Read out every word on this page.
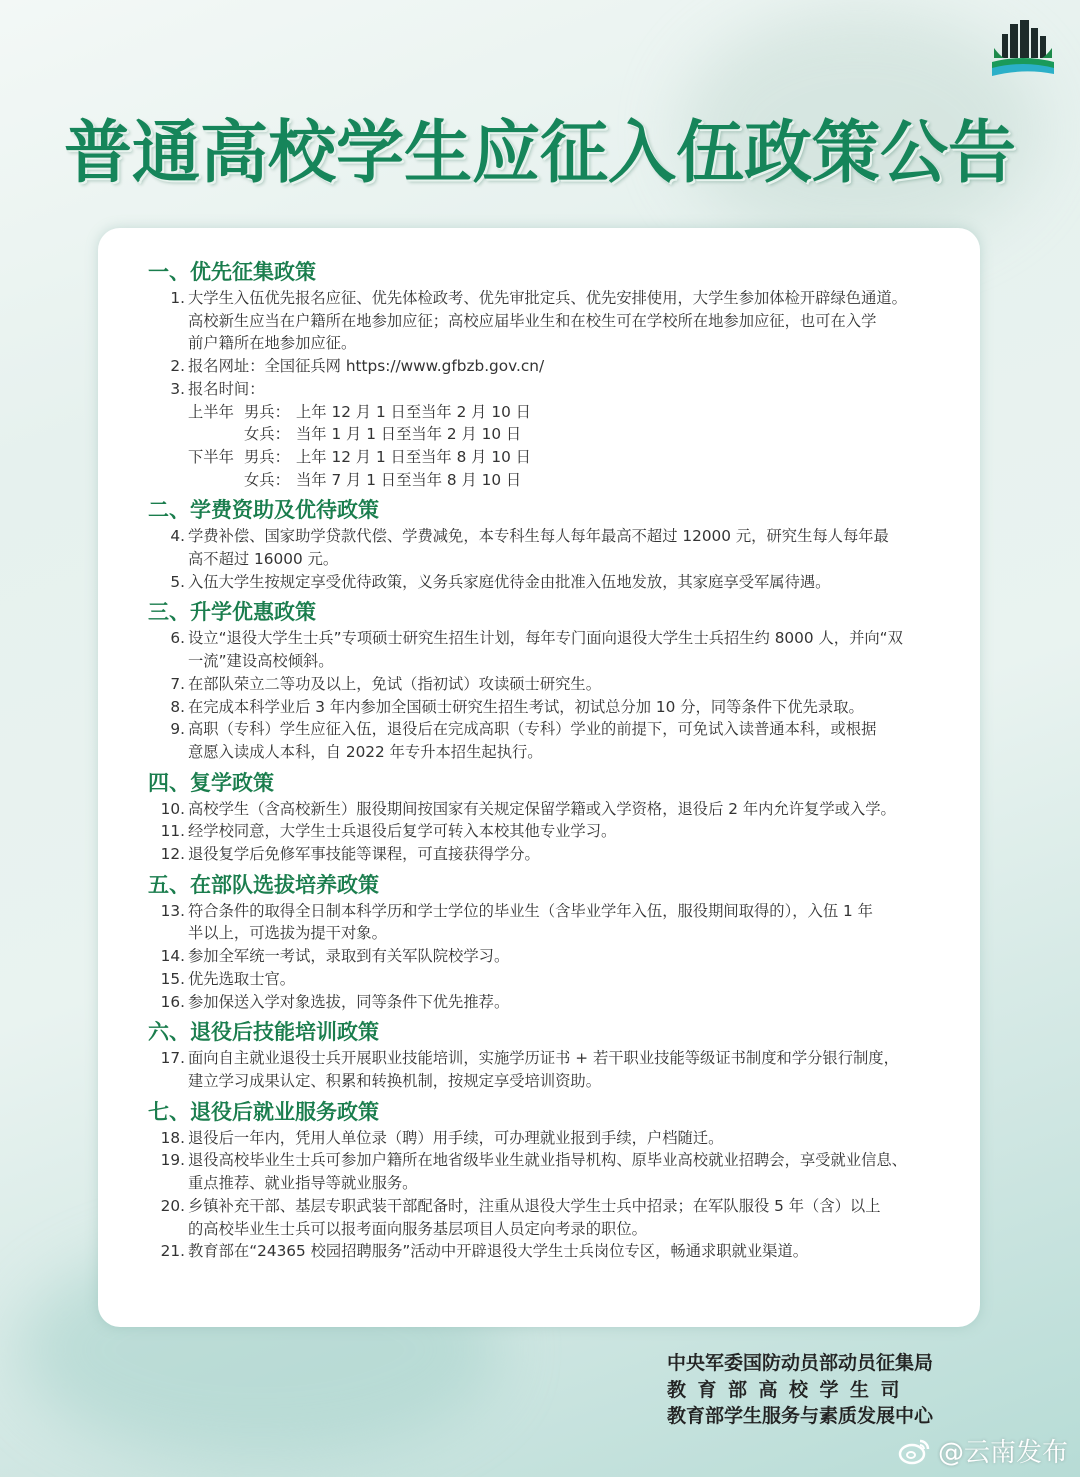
普通高校学生应征入伍政策公告
一、优先征集政策
1. 大学生入伍优先报名应征、优先体检政考、优先审批定兵、优先安排使用，大学生参加体检开辟绿色通道。
高校新生应当在户籍所在地参加应征；高校应届毕业生和在校生可在学校所在地参加应征，也可在入学
前户籍所在地参加应征。
2. 报名网址：全国征兵网 https://www.gfbzb.gov.cn/
3. 报名时间：
上半年 男兵： 上年 12 月 1 日至当年 2 月 10 日
女兵： 当年 1 月 1 日至当年 2 月 10 日
下半年 男兵： 上年 12 月 1 日至当年 8 月 10 日
女兵： 当年 7 月 1 日至当年 8 月 10 日
二、学费资助及优待政策
4. 学费补偿、国家助学贷款代偿、学费减免，本专科生每人每年最高不超过 12000 元，研究生每人每年最
高不超过 16000 元。
5. 入伍大学生按规定享受优待政策，义务兵家庭优待金由批准入伍地发放，其家庭享受军属待遇。
三、升学优惠政策
6. 设立“退役大学生士兵”专项硕士研究生招生计划，每年专门面向退役大学生士兵招生约 8000 人，并向“双
一流”建设高校倾斜。
7. 在部队荣立二等功及以上，免试（指初试）攻读硕士研究生。
8. 在完成本科学业后 3 年内参加全国硕士研究生招生考试，初试总分加 10 分，同等条件下优先录取。
9. 高职（专科）学生应征入伍，退役后在完成高职（专科）学业的前提下，可免试入读普通本科，或根据
意愿入读成人本科，自 2022 年专升本招生起执行。
四、复学政策
10. 高校学生（含高校新生）服役期间按国家有关规定保留学籍或入学资格，退役后 2 年内允许复学或入学。
11. 经学校同意，大学生士兵退役后复学可转入本校其他专业学习。
12. 退役复学后免修军事技能等课程，可直接获得学分。
五、在部队选拔培养政策
13. 符合条件的取得全日制本科学历和学士学位的毕业生（含毕业学年入伍，服役期间取得的），入伍 1 年
半以上，可选拔为提干对象。
14. 参加全军统一考试，录取到有关军队院校学习。
15. 优先选取士官。
16. 参加保送入学对象选拔，同等条件下优先推荐。
六、退役后技能培训政策
17. 面向自主就业退役士兵开展职业技能培训，实施学历证书 + 若干职业技能等级证书制度和学分银行制度，
建立学习成果认定、积累和转换机制，按规定享受培训资助。
七、退役后就业服务政策
18. 退役后一年内，凭用人单位录（聘）用手续，可办理就业报到手续，户档随迁。
19. 退役高校毕业生士兵可参加户籍所在地省级毕业生就业指导机构、原毕业高校就业招聘会，享受就业信息、
重点推荐、就业指导等就业服务。
20. 乡镇补充干部、基层专职武装干部配备时，注重从退役大学生士兵中招录；在军队服役 5 年（含）以上
的高校毕业生士兵可以报考面向服务基层项目人员定向考录的职位。
21. 教育部在“24365 校园招聘服务”活动中开辟退役大学生士兵岗位专区，畅通求职就业渠道。
中央军委国防动员部动员征集局
教育部高校学生司
教育部学生服务与素质发展中心
@云南发布
